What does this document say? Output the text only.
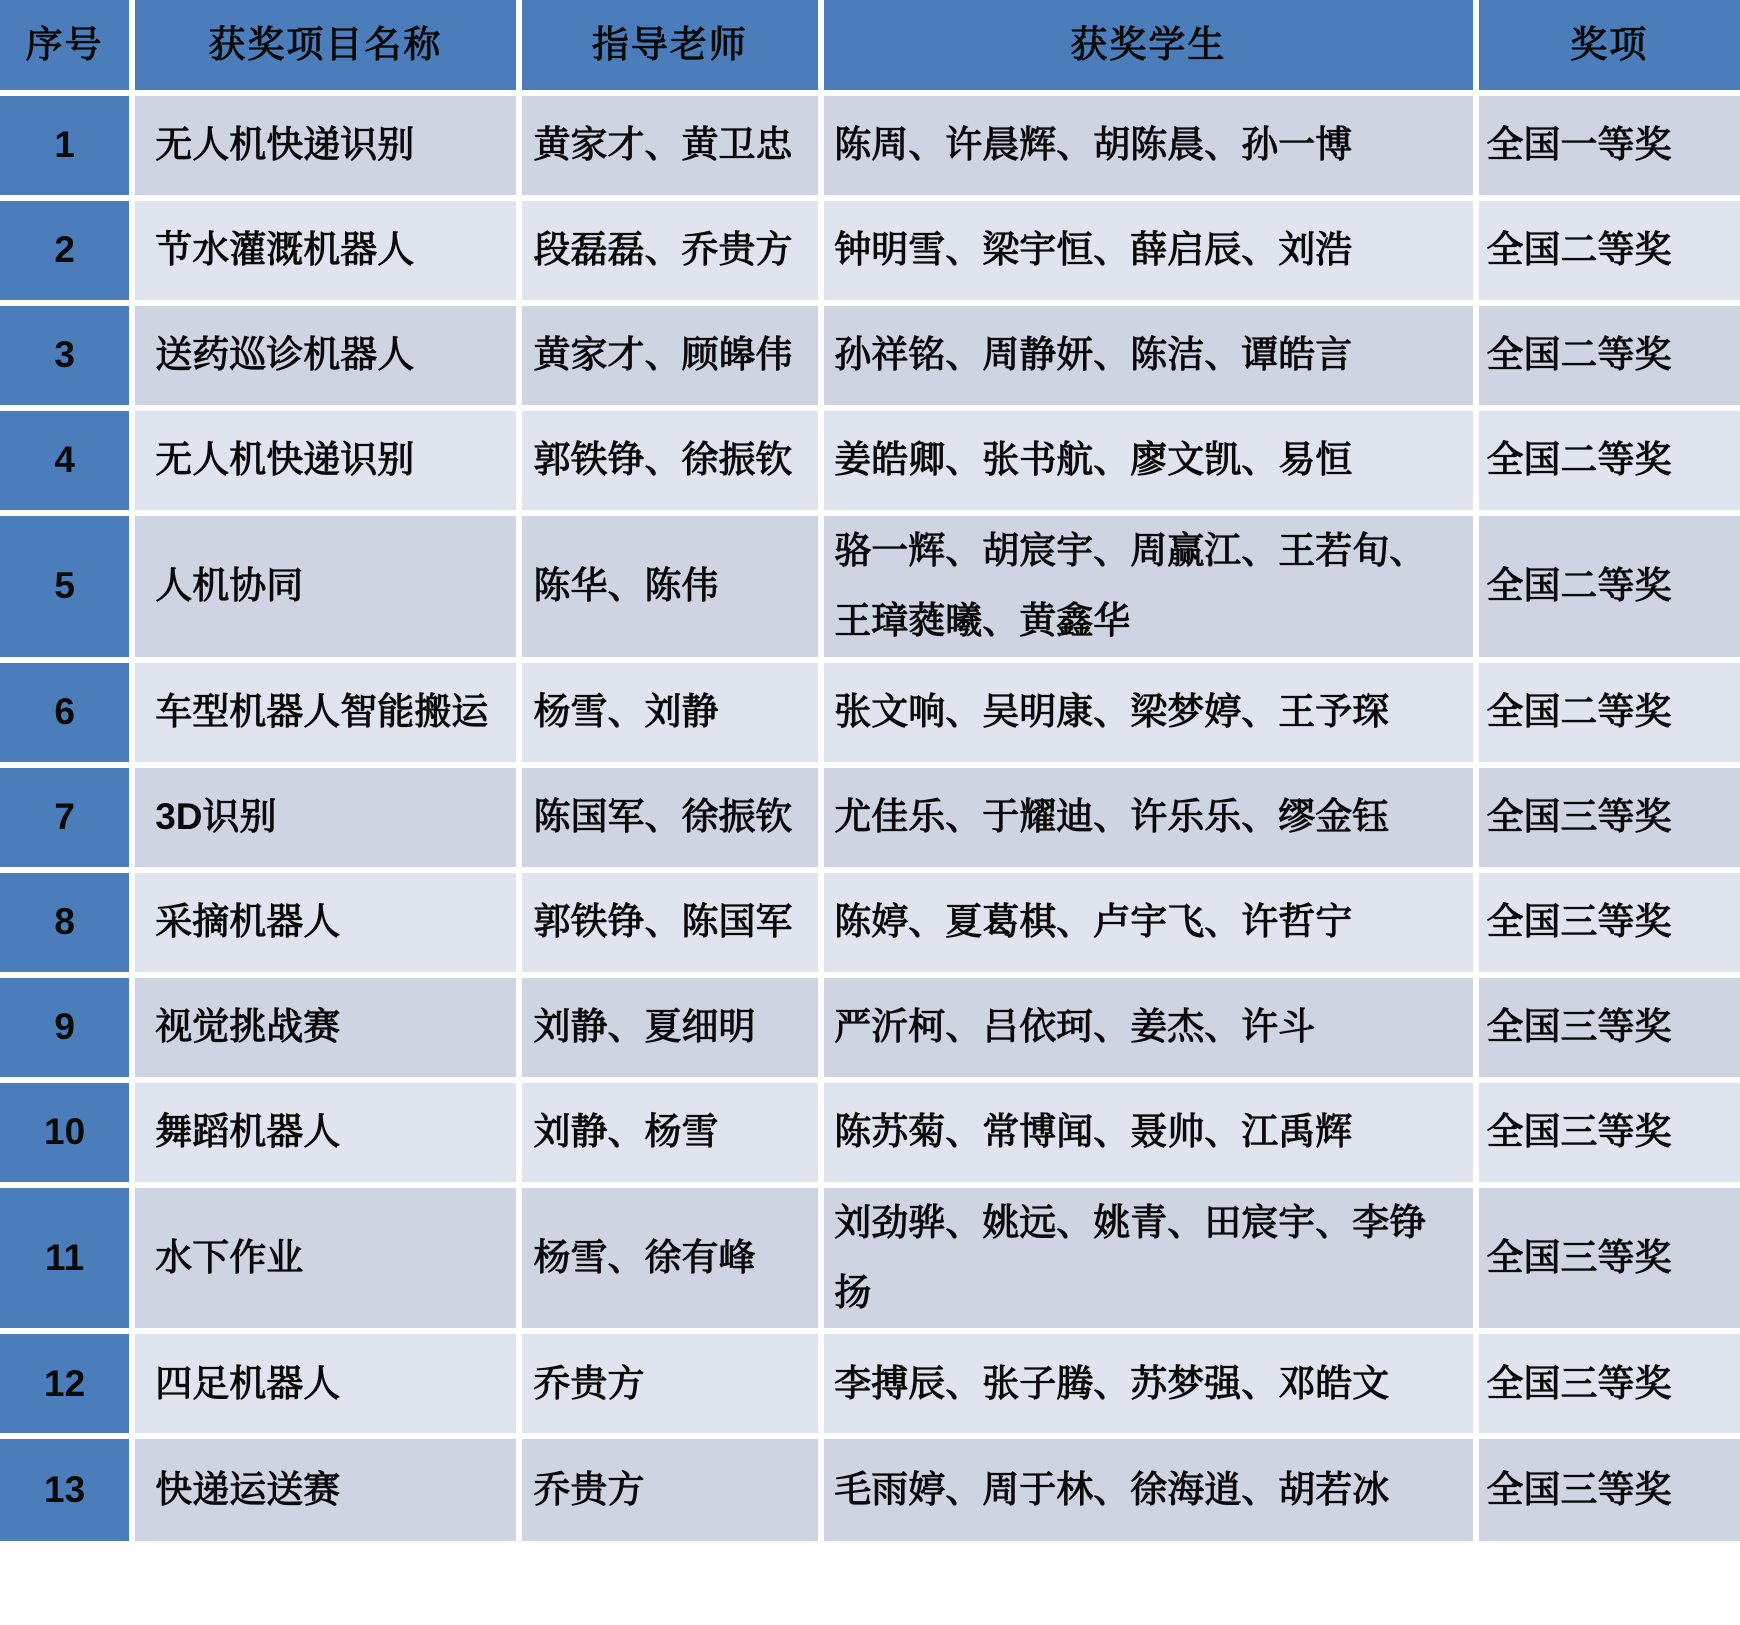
序号	获奖项目名称	指导老师	获奖学生	奖项
1	无人机快递识别	黄家才、黄卫忠	陈周、许晨辉、胡陈晨、孙一博	全国一等奖
2	节水灌溉机器人	段磊磊、乔贵方	钟明雪、梁宇恒、薛启辰、刘浩	全国二等奖
3	送药巡诊机器人	黄家才、顾皞伟	孙祥铭、周静妍、陈洁、谭皓言	全国二等奖
4	无人机快递识别	郭铁铮、徐振钦	姜皓卿、张书航、廖文凯、易恒	全国二等奖
5	人机协同	陈华、陈伟	骆一辉、胡宸宇、周赢江、王若旬、王璋蕤曦、黄鑫华	全国二等奖
6	车型机器人智能搬运	杨雪、刘静	张文响、吴明康、梁梦婷、王予琛	全国二等奖
7	3D识别	陈国军、徐振钦	尤佳乐、于耀迪、许乐乐、缪金钰	全国三等奖
8	采摘机器人	郭铁铮、陈国军	陈婷、夏葛棋、卢宇飞、许哲宁	全国三等奖
9	视觉挑战赛	刘静、夏细明	严沂柯、吕依珂、姜杰、许斗	全国三等奖
10	舞蹈机器人	刘静、杨雪	陈苏菊、常博闻、聂帅、江禹辉	全国三等奖
11	水下作业	杨雪、徐有峰	刘劲骅、姚远、姚青、田宸宇、李铮扬	全国三等奖
12	四足机器人	乔贵方	李搏辰、张子腾、苏梦强、邓皓文	全国三等奖
13	快递运送赛	乔贵方	毛雨婷、周于林、徐海逍、胡若冰	全国三等奖
